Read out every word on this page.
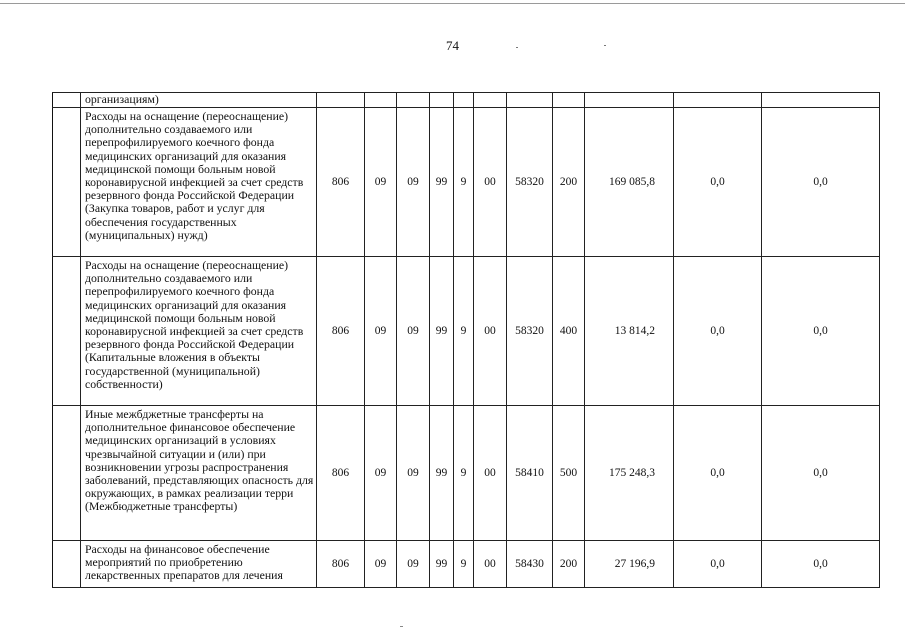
74
	организациям)											
	Расходы на оснащение (переоснащение) дополнительно создаваемого или перепрофилируемого коечного фонда медицинских организаций для оказания медицинской помощи больным новой коронавирусной инфекцией за счет средств резервного фонда Российской Федерации (Закупка товаров, работ и услуг для обеспечения государственных (муниципальных) нужд)	806	09	09	99	9	00	58320	200	169 085,8	0,0	0,0
	Расходы на оснащение (переоснащение) дополнительно создаваемого или перепрофилируемого коечного фонда медицинских организаций для оказания медицинской помощи больным новой коронавирусной инфекцией за счет средств резервного фонда Российской Федерации (Капитальные вложения в объекты государственной (муниципальной) собственности)	806	09	09	99	9	00	58320	400	13 814,2	0,0	0,0
	Иные межбджетные трансферты на дополнительное финансовое обеспечение медицинских организаций в условиях чрезвычайной ситуации и (или) при возникновении угрозы распространения заболеваний, представляющих опасность для окружающих, в рамках реализации терри (Межбюджетные трансферты)	806	09	09	99	9	00	58410	500	175 248,3	0,0	0,0
	Расходы на финансовое обеспечение мероприятий по приобретению лекарственных препаратов для лечения	806	09	09	99	9	00	58430	200	27 196,9	0,0	0,0
